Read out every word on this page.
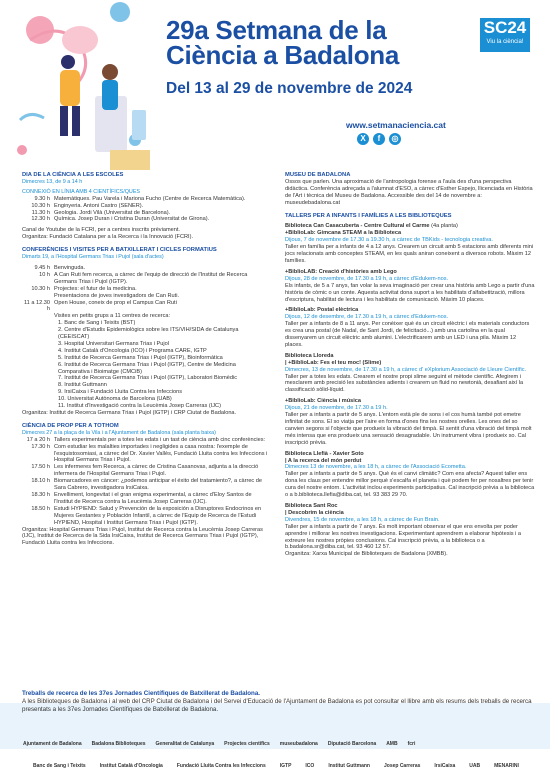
29a Setmana de la
Ciència a Badalona
Del 13 al 29 de novembre de 2024
SC24
Viu la ciència!
www.setmanaciencia.cat
X	f	◎
DIA DE LA CIÈNCIA A LES ESCOLES
Dimecres 13, de 9 a 14 h
CONNEXIÓ EN LÍNIA AMB 4 CIENTÍFICS/QUES
9.30 h Matemàtiques. Pau Varela i Mariona Fucho (Centre de Recerca Matemàtica).
10.30 h Enginyeria. Antoni Castro (SENER).
11.30 h Geologia. Jordi Vilà (Universitat de Barcelona).
12.30 h Química. Josep Duran i Cristina Duran (Universitat de Girona).
Canal de Youtube de la FCRI, per a centres inscrits prèviament.
Organitza: Fundació Catalana per a la Recerca i la Innovació (FCRI).
CONFERÈNCIES I VISITES PER A BATXILLERAT I CICLES FORMATIUS
Dimarts 19, a l'Hospital Germans Trias i Pujol (sala d'actes)
9.45 h Benvinguda.
10 h A Can Ruti fem recerca, a càrrec de l'equip de direcció de l'Institut de Recerca Germans Trias i Pujol (IGTP).
10.30 h Projectes: el futur de la medicina.
Presentacions de joves investigadors de Can Ruti.
11 a 12.30 h
Open House, coneix de prop el Campus Can Ruti
Visites en petits grups a 11 centres de recerca:
1. Banc de Sang i Teixits (BST)
2. Centre d'Estudis Epidemiològics sobre les ITS/VIH/SIDA de Catalunya (CEEISCAT)
3. Hospital Universitari Germans Trias i Pujol
4. Institut Català d'Oncologia (ICO) i Programa CARE, IGTP
5. Institut de Recerca Germans Trias i Pujol (IGTP), Bioinformàtica
6. Institut de Recerca Germans Trias i Pujol (IGTP), Centre de Medicina Comparativa i Bioimatge (CMCiB)
7. Institut de Recerca Germans Trias i Pujol (IGTP), Laboratori Biomèdic
8. Institut Guttmann
9. IrsiCaixa i Fundació Lluita Contra les Infeccions
10. Universitat Autònoma de Barcelona (UAB)
11. Institut d'Investigació contra la Leucèmia Josep Carreras (IJC)
Organitza: Institut de Recerca Germans Trias i Pujol (IGTP) i CRP Ciutat de Badalona.
CIÈNCIA DE PROP PER A TOTHOM
Dimecres 27 a la plaça de la Vila i a l'Ajuntament de Badalona (sala planta baixa)
17 a 20 h Tallers experimentals per a totes les edats i un tast de ciència amb cinc conferències:
17.30 h Com estudiar les malalties importades i negligides a casa nostra: l'exemple de l'esquistosomiasi, a càrrec del Dr. Xavier Vallès, Fundació Lluita contra les Infeccions i Hospital Germans Trias i Pujol.
17.50 h Les infermeres fem Recerca, a càrrec de Cristina Casanovas, adjunta a la direcció infermera de l'Hospital Germans Trias i Pujol.
18.10 h Biomarcadores en càncer: ¿podemos anticipar el éxito del tratamiento?, a càrrec de Sara Cabrero, investigadora IrsiCaixa.
18.30 h Envelliment, longevitat i el gran enigma experimental, a càrrec d'Eloy Santos de l'Institut de Recerca contra la Leucèmia Josep Carreras (IJC).
18.50 h Estudi HYPIEND: Salud y Prevención de la exposición a Disruptores Endocrinos en Mujeres Gestantes y Población Infantil, a càrrec de l'Equip de Recerca de l'Estudi HYPIEND, Hospital i Institut Germans Trias i Pujol (IGTP).
Organitza: Hospital Germans Trias i Pujol, Institut de Recerca contra la Leucèmia Josep Carreras (IJC), Institut de Recerca de la Sida IrsiCaixa, Institut de Recerca Germans Trias i Pujol (IGTP), Fundació Lluita contra les Infeccions.
MUSEU DE BADALONA
Ossos que parlen. Una aproximació de l'antropologia forense a l'aula des d'una perspectiva didàctica. Conferència adreçada a l'alumnat d'ESO, a càrrec d'Esther Espejo, llicenciada en Història de l'Art i tècnica del Museu de Badalona. Accessible des del 14 de novembre a: museudebadalona.cat
TALLERS PER A INFANTS I FAMÍLIES A LES BIBLIOTEQUES
Biblioteca Can Casacuberta - Centre Cultural el Carme (4a planta)
+BiblioLab: Gimcana STEAM a la Biblioteca
Dijous, 7 de novembre de 17.30 a 19.30 h, a càrrec de TBKids - tecnologia creativa.
Taller en família per a infants de 4 a 12 anys. Crearem un circuit amb 5 estacions amb diferents mini jocs relacionats amb conceptes STEAM, en les quals aniran coneixent a diversos robots. Màxim 12 famílies.
+BiblioLAB: Creació d'històries amb Lego
Dijous, 28 de novembre, de 17.30 a 19 h, a càrrec d'Edukem-nos.
Els infants, de 5 a 7 anys, fan volar la seva imaginació per crear una història amb Lego a partir d'una història de còmic o un conte. Aquesta activitat dona suport a les habilitats d'alfabetització, millora d'escriptura, habilitat de lectura i les habilitats de comunicació. Màxim 10 places.
+BiblioLab: Postal elèctrica
Dijous, 12 de desembre, de 17.30 a 19 h, a càrrec d'Edukem-nos.
Taller per a infants de 8 a 11 anys. Per conèixer què és un circuit elèctric i els materials conductors es crea una postal (de Nadal, de Sant Jordi, de felicitació...) amb una cartolina en la qual dissenyarem un circuit elèctric amb alumini. L'electrificarem amb un LED i una pila. Màxim 12 places.
Biblioteca Lloreda
| +BiblioLab: Fes el teu moc! (Slime)
Dimecres, 13 de novembre, de 17.30 a 19 h, a càrrec d' eXplorium Associació de Lleure Científic.
Taller per a totes les edats. Crearem el nostre propi slime seguint el mètode científic. Afegirem i mesclarem amb precisió les substàncies adients i crearem un fluid no newtonià, desafiant així la classificació sòlid-líquid.
+BiblioLab: Ciència i música
Dijous, 21 de novembre, de 17.30 a 19 h.
Taller per a infants a partir de 5 anys. L'entorn està ple de sons i el cos humà també pot emetre infinitat de sons. El so viatja per l'aire en forma d'ones fins les nostres orelles. Les ones del so canvien segons si l'objecte que produeix la vibració del timpà. El sentit d'una vibració del timpà molt més intensa que ens produeix una sensació desagradable. Un instrument vibra i produeix so. Cal inscripció prèvia.
Biblioteca Llefià - Xavier Soto
| A la recerca del món perdut
Dimecres 13 de novembre, a les 18 h, a càrrec de l'Associació Ecometta.
Taller per a infants a partir de 5 anys. Què és el canvi climàtic? Com ens afecta? Aquest taller ens dona les claus per entendre millor perquè s'escalfa el planeta i què podem fer per nosaltres per tenir cura del nostre entorn. L'activitat inclou experiments participatius. Cal inscripció prèvia a la biblioteca o a b.biblioteca.llefia@diba.cat, tel. 93 383 29 70.
Biblioteca Sant Roc
| Descobrim la ciència
Divendres, 15 de novembre, a les 18 h, a càrrec de Fun Brain.
Taller per a infants a partir de 7 anys. És molt important observar el que ens envolta per poder aprendre i millorar les nostres investigacions. Experimentant aprendrem a elaborar hipòtesis i a extreure les nostres pròpies conclusions. Cal inscripció prèvia, a la biblioteca o a b.badalona.sr@diba.cat, tel. 93 460 12 57.
Organitza: Xarxa Municipal de Biblioteques de Badalona (XMBB).
Treballs de recerca de les 37es Jornades Científiques de Batxillerat de Badalona.
A les Biblioteques de Badalona i al web del CRP Ciutat de Badalona i del Servei d'Educació de l'Ajuntament de Badalona es pot consultar el llibre amb els resums dels treballs de recerca presentats a les 37es Jornades Científiques de Batxillerat de Badalona.
Ajuntament de Badalona	Badalona Biblioteques	Generalitat de Catalunya	Projectes científics	museubadalona	Diputació Barcelona	AMB	fcri
Banc de Sang i Teixits	Institut Català d'Oncologia	Fundació Lluita Contra les Infeccions	IGTP	ICO	Institut Guttmann	Josep Carreras	IrsiCaixa	UAB	MENARINI
